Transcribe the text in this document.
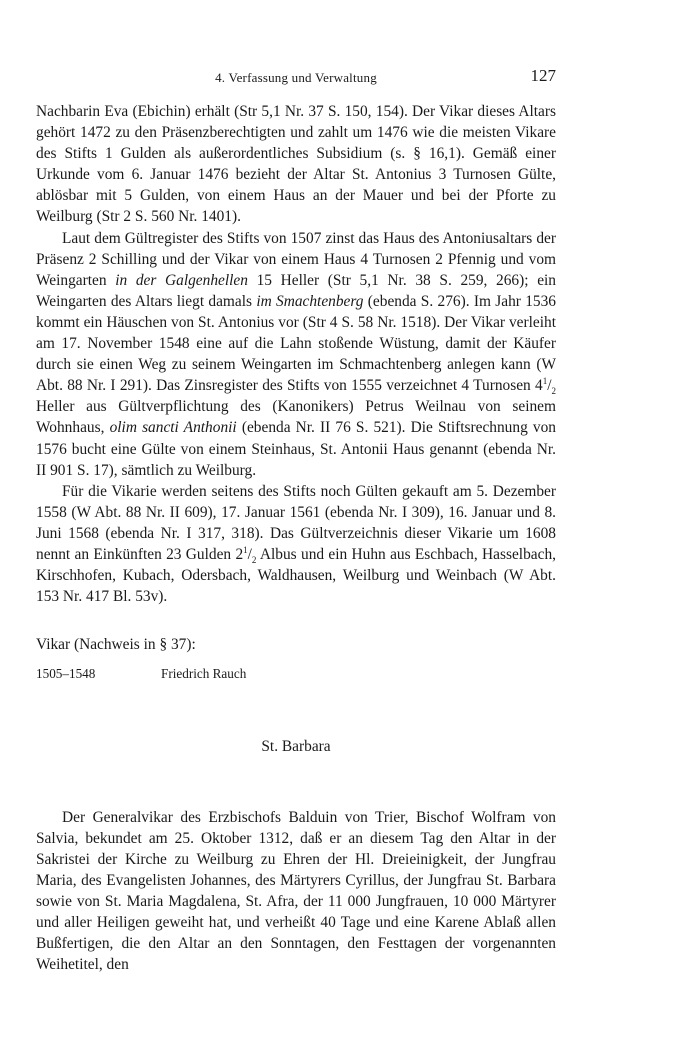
4. Verfassung und Verwaltung	127

Nachbarin Eva (Ebichin) erhält (Str 5,1 Nr. 37 S. 150, 154). Der Vikar dieses Altars gehört 1472 zu den Präsenzberechtigten und zahlt um 1476 wie die meisten Vikare des Stifts 1 Gulden als außerordentliches Subsidium (s. § 16,1). Gemäß einer Urkunde vom 6. Januar 1476 bezieht der Altar St. Antonius 3 Turnosen Gülte, ablösbar mit 5 Gulden, von einem Haus an der Mauer und bei der Pforte zu Weilburg (Str 2 S. 560 Nr. 1401).

Laut dem Gültregister des Stifts von 1507 zinst das Haus des Antoniusaltars der Präsenz 2 Schilling und der Vikar von einem Haus 4 Turnosen 2 Pfennig und vom Weingarten in der Galgenhellen 15 Heller (Str 5,1 Nr. 38 S. 259, 266); ein Weingarten des Altars liegt damals im Smachtenberg (ebenda S. 276). Im Jahr 1536 kommt ein Häuschen von St. Antonius vor (Str 4 S. 58 Nr. 1518). Der Vikar verleiht am 17. November 1548 eine auf die Lahn stoßende Wüstung, damit der Käufer durch sie einen Weg zu seinem Weingarten im Schmachtenberg anlegen kann (W Abt. 88 Nr. I 291). Das Zinsregister des Stifts von 1555 verzeichnet 4 Turnosen $4^1/_2$ Heller aus Gültverpflichtung des (Kanonikers) Petrus Weilnau von seinem Wohnhaus, olim sancti Anthonii (ebenda Nr. II 76 S. 521). Die Stiftsrechnung von 1576 bucht eine Gülte von einem Steinhaus, St. Antonii Haus genannt (ebenda Nr. II 901 S. 17), sämtlich zu Weilburg.

Für die Vikarie werden seitens des Stifts noch Gülten gekauft am 5. Dezember 1558 (W Abt. 88 Nr. II 609), 17. Januar 1561 (ebenda Nr. I 309), 16. Januar und 8. Juni 1568 (ebenda Nr. I 317, 318). Das Gültverzeichnis dieser Vikarie um 1608 nennt an Einkünften 23 Gulden $2^1/_2$ Albus und ein Huhn aus Eschbach, Hasselbach, Kirschhofen, Kubach, Odersbach, Waldhausen, Weilburg und Weinbach (W Abt. 153 Nr. 417 Bl. 53v).

Vikar (Nachweis in § 37):
1505–1548	Friedrich Rauch
St. Barbara

Der Generalvikar des Erzbischofs Balduin von Trier, Bischof Wolfram von Salvia, bekundet am 25. Oktober 1312, daß er an diesem Tag den Altar in der Sakristei der Kirche zu Weilburg zu Ehren der Hl. Dreieinigkeit, der Jungfrau Maria, des Evangelisten Johannes, des Märtyrers Cyrillus, der Jungfrau St. Barbara sowie von St. Maria Magdalena, St. Afra, der 11 000 Jungfrauen, 10 000 Märtyrer und aller Heiligen geweiht hat, und verheißt 40 Tage und eine Karene Ablaß allen Bußfertigen, die den Altar an den Sonntagen, den Festtagen der vorgenannten Weihetitel, den
